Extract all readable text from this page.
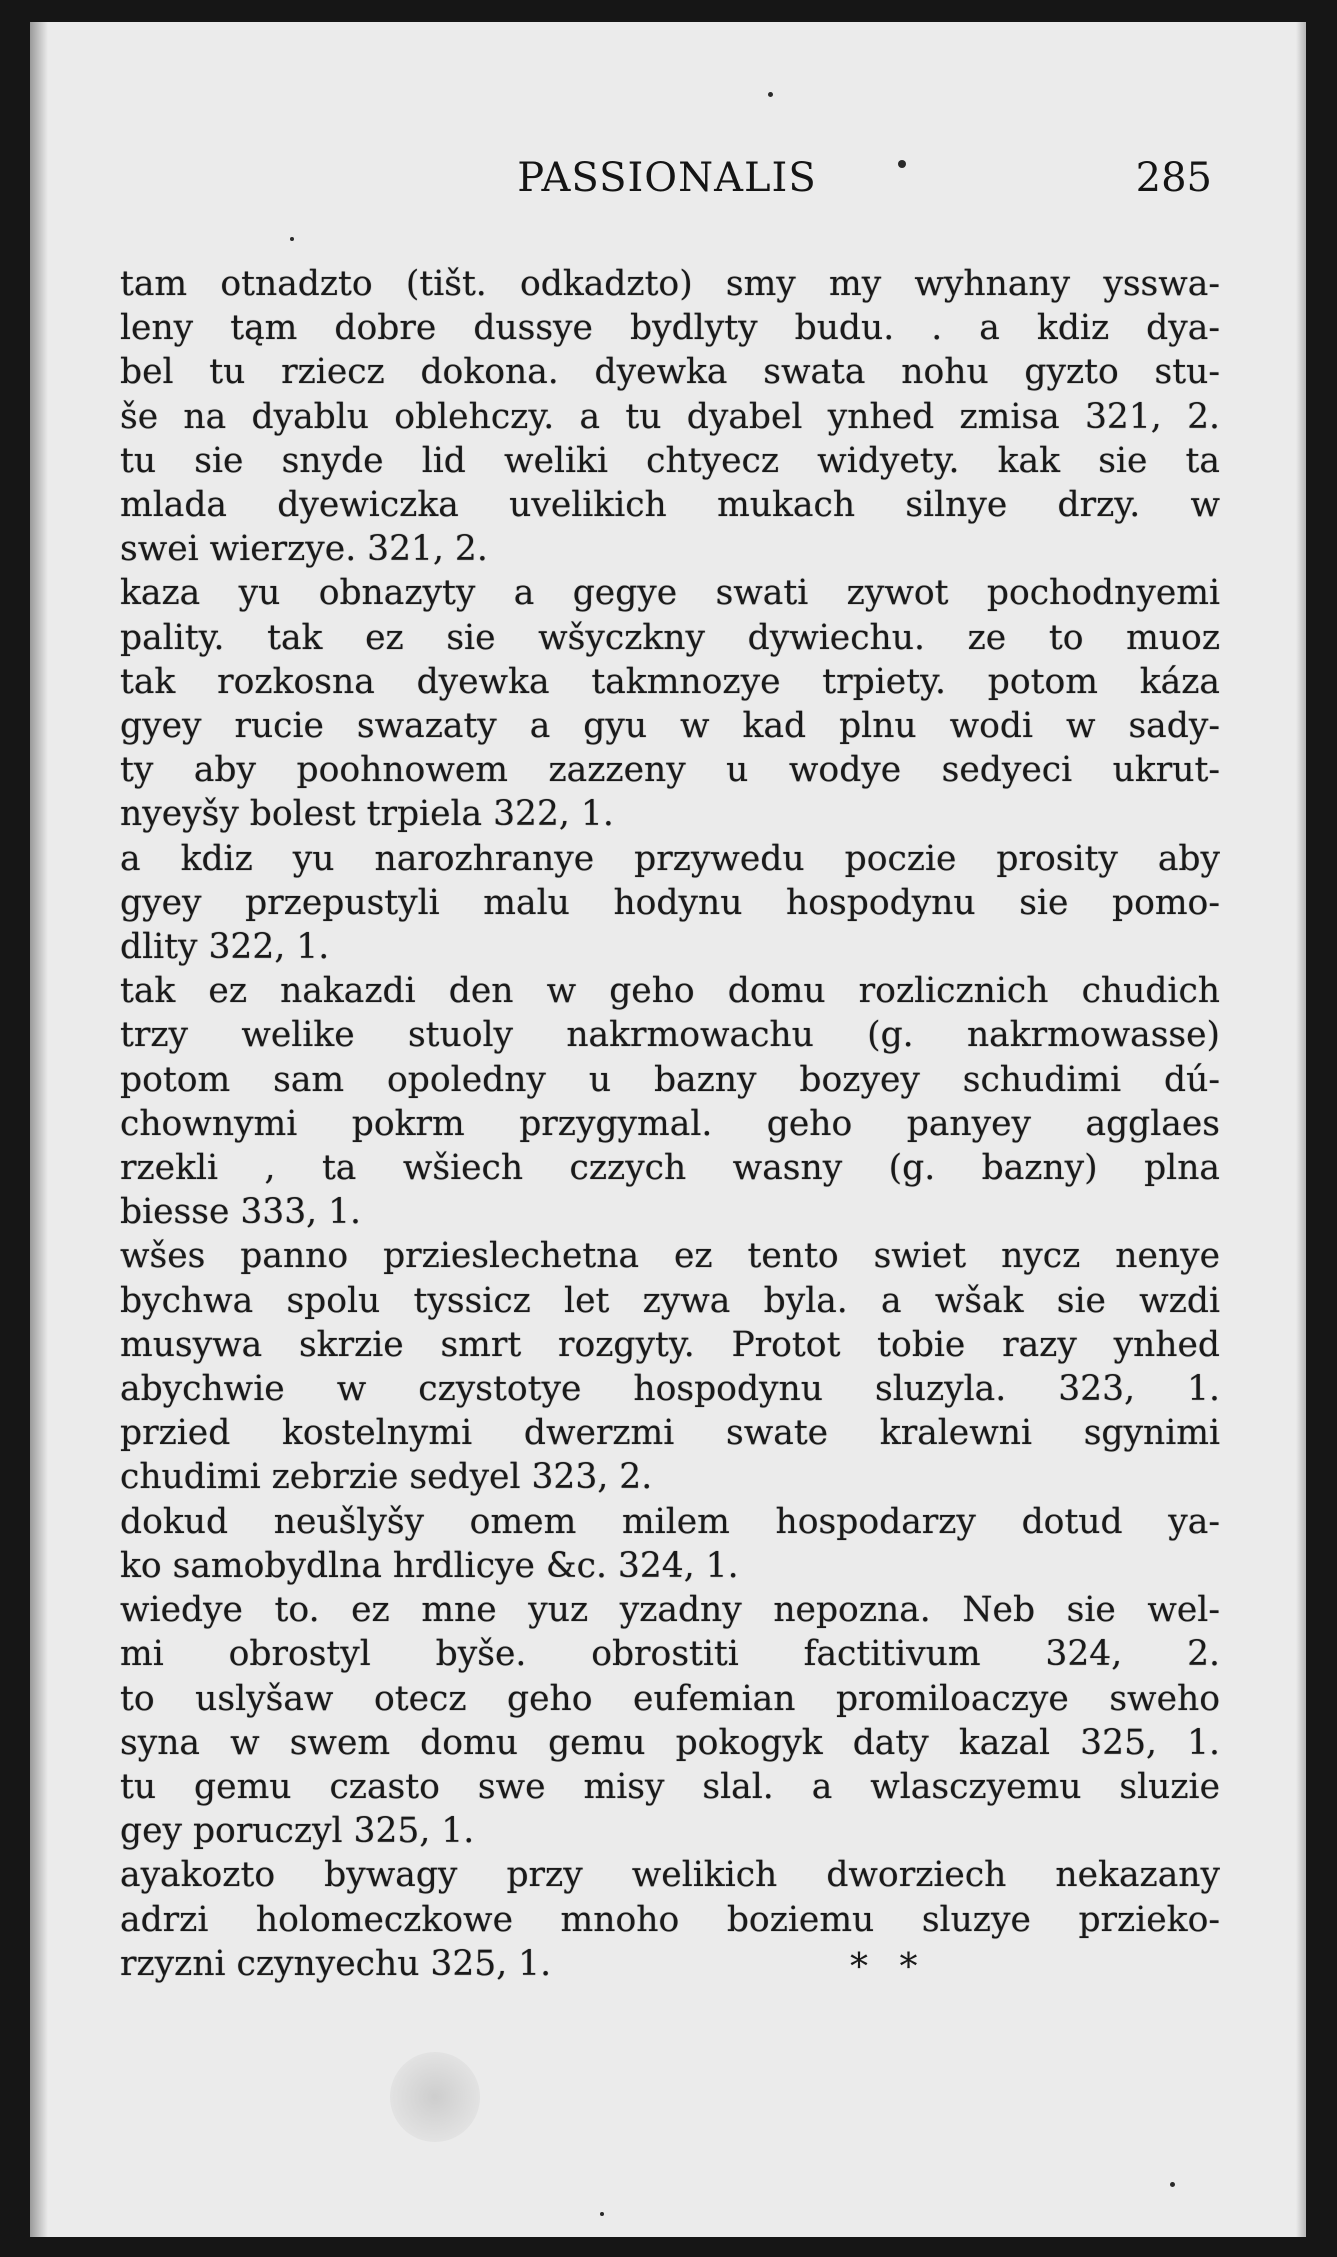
PASSIONALIS	285
tam otnadzto (tišt. odkadzto) smy my wyhnany ysswa-
leny tąm dobre dussye bydlyty budu. . a kdiz dya-
bel tu rziecz dokona. dyewka swata nohu gyzto stu-
še na dyablu oblehczy. a tu dyabel ynhed zmisa 321, 2.
tu sie snyde lid weliki chtyecz widyety. kak sie ta
mlada dyewiczka uvelikich mukach silnye drzy. w
swei wierzye. 321, 2.
kaza yu obnazyty a gegye swati zywot pochodnyemi
pality. tak ez sie wšyczkny dywiechu. ze to muoz
tak rozkosna dyewka takmnozye trpiety. potom káza
gyey rucie swazaty a gyu w kad plnu wodi w sady-
ty aby poohnowem zazzeny u wodye sedyeci ukrut-
nyeyšy bolest trpiela 322, 1.
a kdiz yu narozhranye przywedu poczie prosity aby
gyey przepustyli malu hodynu hospodynu sie pomo-
dlity 322, 1.
tak ez nakazdi den w geho domu rozlicznich chudich
trzy welike stuoly nakrmowachu (g. nakrmowasse)
potom sam opoledny u bazny bozyey schudimi dú-
chownymi pokrm przygymal. geho panyey agglaes
rzekli , ta wšiech czzych wasny (g. bazny) plna
biesse 333, 1.
wšes panno przieslechetna ez tento swiet nycz nenye
bychwa spolu tyssicz let zywa byla. a wšak sie wzdi
musywa skrzie smrt rozgyty. Protot tobie razy ynhed
abychwie w czystotye hospodynu sluzyla. 323, 1.
przied kostelnymi dwerzmi swate kralewni sgynimi
chudimi zebrzie sedyel 323, 2.
dokud neušlyšy omem milem hospodarzy dotud ya-
ko samobydlna hrdlicye &c. 324, 1.
wiedye to. ez mne yuz yzadny nepozna. Neb sie wel-
mi obrostyl byše. obrostiti factitivum 324, 2.
to uslyšaw otecz geho eufemian promiloaczye sweho
syna w swem domu gemu pokogyk daty kazal 325, 1.
tu gemu czasto swe misy slal. a wlasczyemu sluzie
gey poruczyl 325, 1.
ayakozto bywagy przy welikich dworziech nekazany
adrzi holomeczkowe mnoho boziemu sluzye przieko-
rzyzni czynyechu 325, 1.	* *
